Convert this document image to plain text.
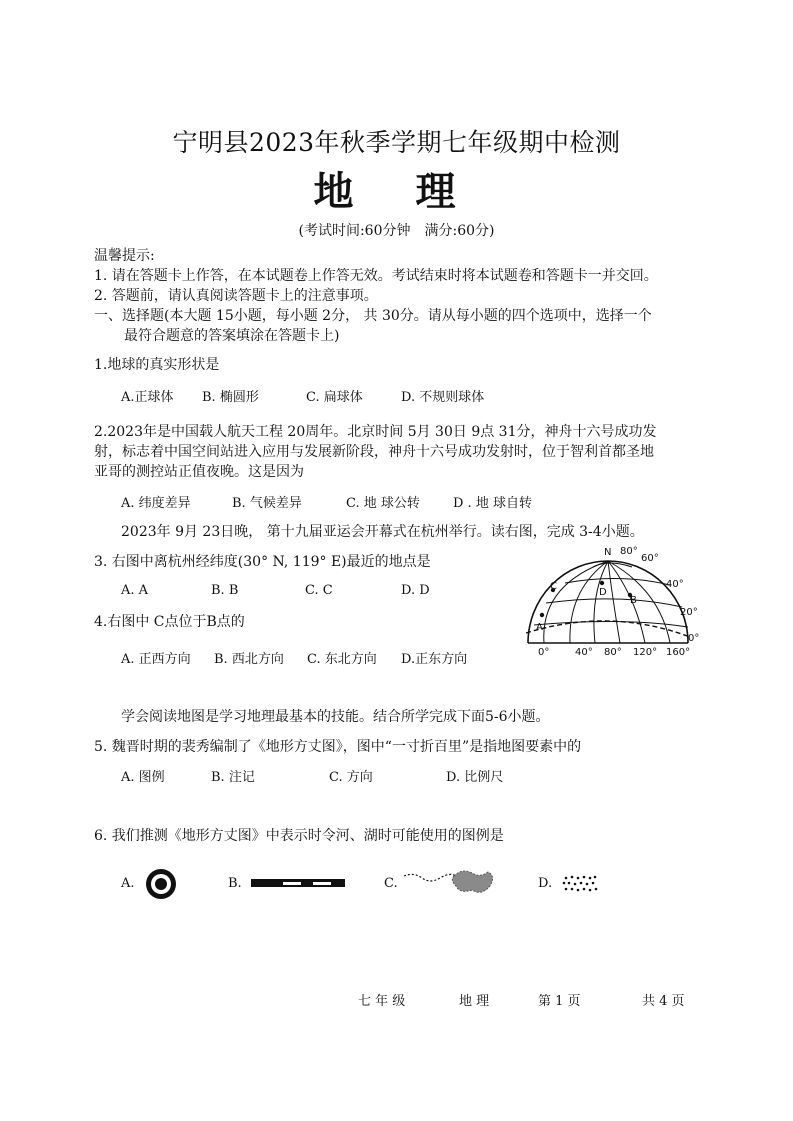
宁明县2023年秋季学期七年级期中检测
地 理
(考试时间:60分钟　满分:60分)
温馨提示:
1. 请在答题卡上作答，在本试题卷上作答无效。考试结束时将本试题卷和答题卡一并交回。
2. 答题前，请认真阅读答题卡上的注意事项。
一、选择题(本大题 15小题，每小题 2分， 共 30分。请从每小题的四个选项中，选择一个
最符合题意的答案填涂在答题卡上)
1.地球的真实形状是
A.正球体 B. 椭圆形	C. 扁球体	D. 不规则球体
2.2023年是中国载人航天工程 20周年。北京时间 5月 30日 9点 31分，神舟十六号成功发
射，标志着中国空间站进入应用与发展新阶段，神舟十六号成功发射时，位于智利首都圣地
亚哥的测控站正值夜晚。这是因为
A. 纬度差异	B. 气候差异	C. 地 球公转	D . 地 球自转
2023年 9月 23日晚， 第十九届亚运会开幕式在杭州举行。读右图，完成 3-4小题。
3. 右图中离杭州经纬度(30° N, 119° E)最近的地点是
A. A	B. B	C. C	D. D
4.右图中 C点位于B点的
A. 正西方向 B. 西北方向 C. 东北方向 D.正东方向
N 80°
60°
40°
20°
0°
0°	40° 80° 120° 160°
A
B
C
D
学会阅读地图是学习地理最基本的技能。结合所学完成下面5-6小题。
5. 魏晋时期的裴秀编制了《地形方丈图》，图中“一寸折百里”是指地图要素中的
A. 图例	B. 注记	C. 方向	D. 比例尺
6. 我们推测《地形方丈图》中表示时令河、湖时可能使用的图例是
A.	B.	C.	D.
七 年 级	地 理	第 1 页	共 4 页
